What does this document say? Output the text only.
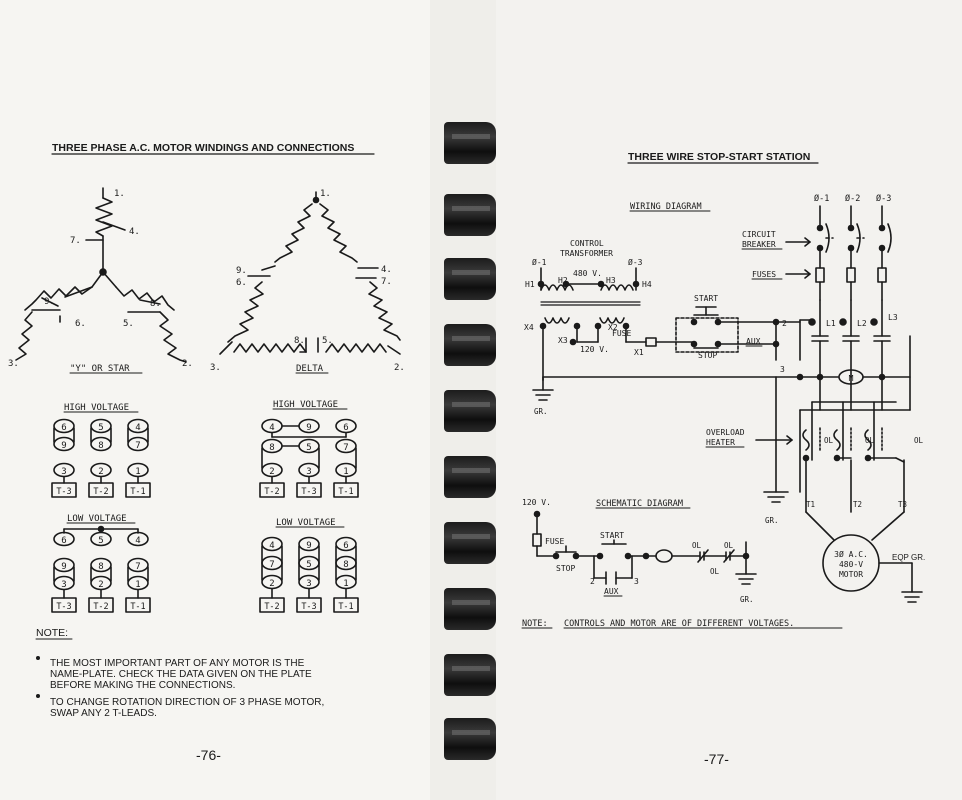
THREE PHASE A.C. MOTOR WINDINGS AND CONNECTIONS
1.
4.
7.
9.	8.
6.	5.
3.	2.
"Y" OR STAR
1.
9.
6.
4.
7.
8. 5.
3.	2.
DELTA
HIGH VOLTAGE
6	5	4
9	8	7
3	2	1
T-3	T-2	T-1
LOW VOLTAGE
6	5	4
9	8	7
3	2	1
T-3	T-2	T-1
HIGH VOLTAGE
4	9	6
8	5	7
2	3	1
T-2	T-3	T-1
LOW VOLTAGE
4	9	6
7	5	8
2	3	1
T-2	T-3	T-1
NOTE:
THE MOST IMPORTANT PART OF ANY MOTOR IS THE
NAME-PLATE. CHECK THE DATA GIVEN ON THE PLATE
BEFORE MAKING THE CONNECTIONS.
TO CHANGE ROTATION DIRECTION OF 3 PHASE MOTOR,
SWAP ANY 2 T-LEADS.
-76-
THREE WIRE STOP-START STATION
WIRING DIAGRAM
Ø-1 Ø-2 Ø-3
CIRCUIT
BREAKER
FUSES
L1	L2
L3
M
OL	OL	OL
OVERLOAD
HEATER
T1	T2	T3
3Ø A.C.
480-V
MOTOR
EQP GR.
GR.
CONTROL
TRANSFORMER
Ø-1	Ø-3
480 V.
H1	H2	H3	H4
X4	X2
X3
X1
120 V.
FUSE
GR.
START
STOP
AUX
2
3
120 V.	SCHEMATIC DIAGRAM
FUSE
STOP
START
2	3
AUX
OL	OL
OL
GR.
NOTE: CONTROLS AND MOTOR ARE OF DIFFERENT VOLTAGES.
-77-
